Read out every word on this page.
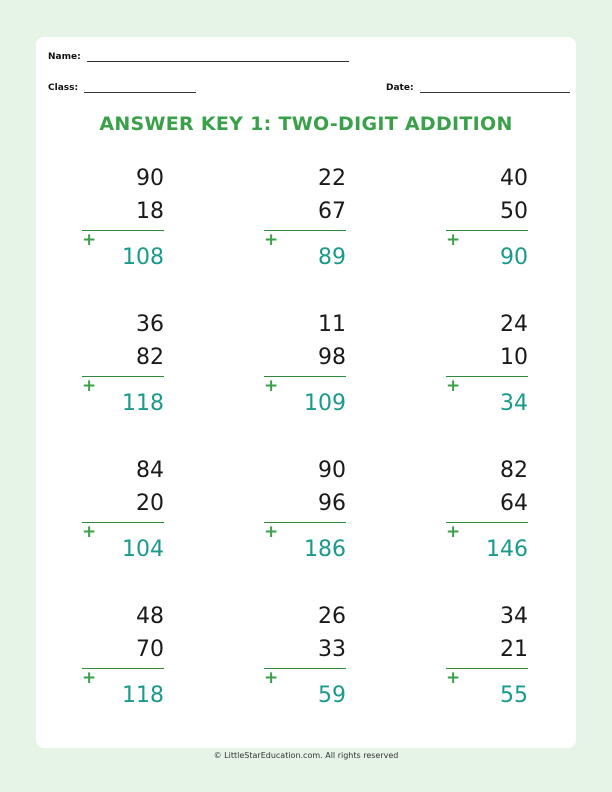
Name:
Class:	Date:
ANSWER KEY 1: TWO-DIGIT ADDITION
90
18
+
108
22
67
+
89
40
50
+
90
36
82
+
118
11
98
+
109
24
10
+
34
84
20
+
104
90
96
+
186
82
64
+
146
48
70
+
118
26
33
+
59
34
21
+
55
© LittleStarEducation.com. All rights reserved
